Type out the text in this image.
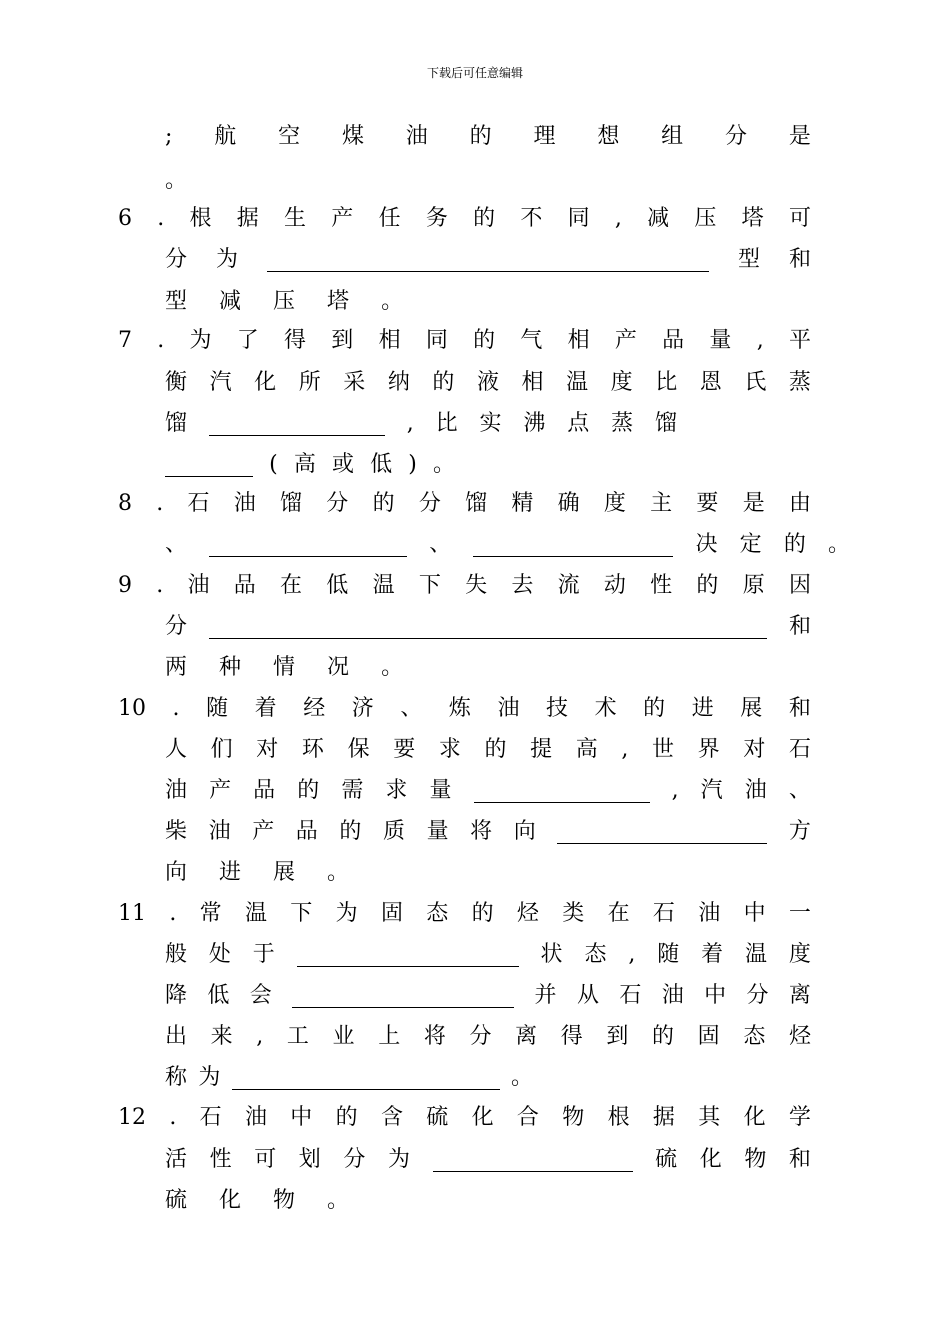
下载后可任意编辑
; 航 空 煤 油 的 理 想 组 分 是
。
6 . 根 据 生 产 任 务 的 不 同 , 减 压 塔 可
分 为	型 和
型 减 压 塔 。
7 . 为 了 得 到 相 同 的 气 相 产 品 量 , 平
衡 汽 化 所 采 纳 的 液 相 温 度 比 恩 氏 蒸
馏	, 比 实 沸 点 蒸 馏
( 高 或 低 ) 。
8 . 石 油 馏 分 的 分 馏 精 确 度 主 要 是 由
、	、	决 定 的 。
9 . 油 品 在 低 温 下 失 去 流 动 性 的 原 因
分	和
两 种 情 况 。
10 . 随 着 经 济 、 炼 油 技 术 的 进 展 和
人 们 对 环 保 要 求 的 提 高 , 世 界 对 石
油 产 品 的 需 求 量	, 汽 油 、
柴 油 产 品 的 质 量 将 向	方
向 进 展 。
11 . 常 温 下 为 固 态 的 烃 类 在 石 油 中 一
般 处 于	状 态 , 随 着 温 度
降 低 会	并 从 石 油 中 分 离
出 来 , 工 业 上 将 分 离 得 到 的 固 态 烃
称 为	。
12 . 石 油 中 的 含 硫 化 合 物 根 据 其 化 学
活 性 可 划 分 为	硫 化 物 和
硫 化 物 。
